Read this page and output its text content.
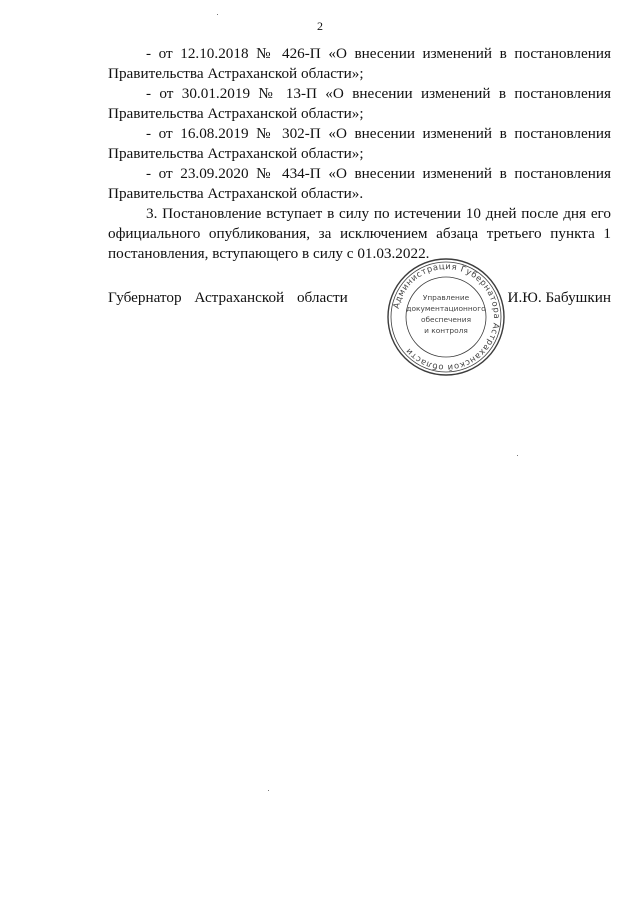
2

- от 12.10.2018 № 426-П «О внесении изменений в постановления Правительства Астраханской области»;

- от 30.01.2019 № 13-П «О внесении изменений в постановления Правительства Астраханской области»;

- от 16.08.2019 № 302-П «О внесении изменений в постановления Правительства Астраханской области»;

- от 23.09.2020 № 434-П «О внесении изменений в постановления Правительства Астраханской области».

3. Постановление вступает в силу по истечении 10 дней после дня его официального опубликования, за исключением абзаца третьего пункта 1 постановления, вступающего в силу с 01.03.2022.

Губернатор Астраханской области	И.Ю. Бабушкин
Администрация Губернатора Астраханской области
Управление
документационного
обеспечения
и контроля
